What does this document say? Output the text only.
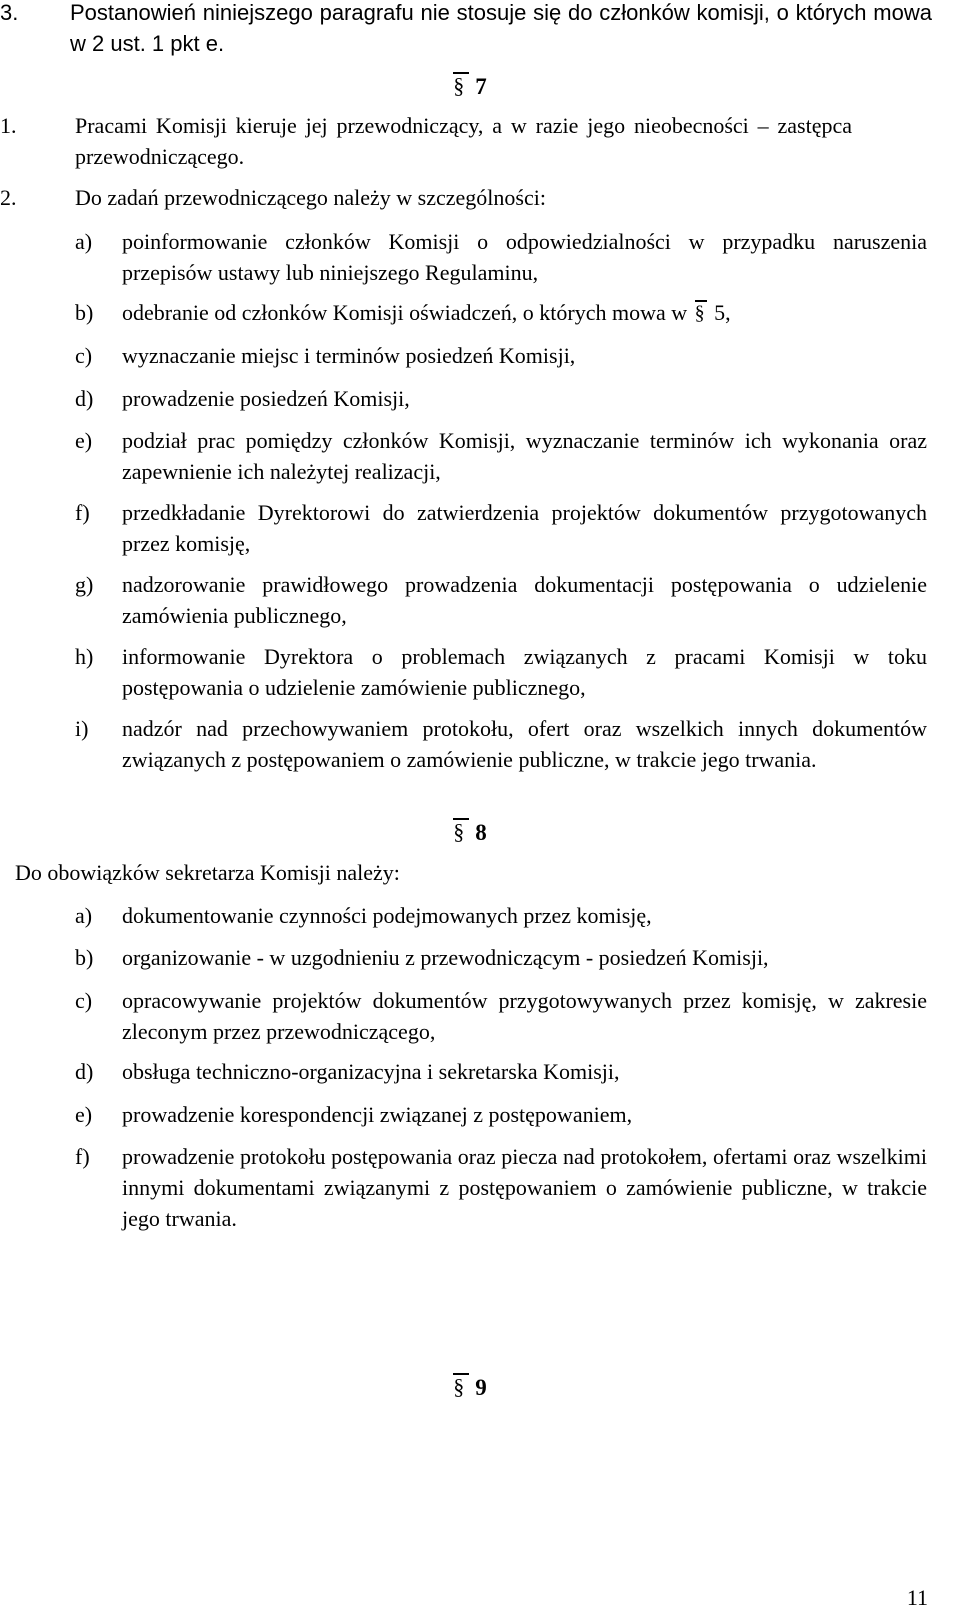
3. Postanowień niniejszego paragrafu nie stosuje się do członków komisji, o których mowa w 2 ust. 1 pkt e.
§7
1.	Pracami Komisji kieruje jej przewodniczący, a w razie jego nieobecności – zastępca przewodniczącego.
2.	Do zadań przewodniczącego należy w szczególności:
a) poinformowanie członków Komisji o odpowiedzialności w przypadku naruszenia przepisów ustawy lub niniejszego Regulaminu,
b) odebranie od członków Komisji oświadczeń, o których mowa w § 5,
c) wyznaczanie miejsc i terminów posiedzeń Komisji,
d) prowadzenie posiedzeń Komisji,
e) podział prac pomiędzy członków Komisji, wyznaczanie terminów ich wykonania oraz zapewnienie ich należytej realizacji,
f) przedkładanie Dyrektorowi do zatwierdzenia projektów dokumentów przygotowanych przez komisję,
g) nadzorowanie prawidłowego prowadzenia dokumentacji postępowania o udzielenie zamówienia publicznego,
h) informowanie Dyrektora o problemach związanych z pracami Komisji w toku postępowania o udzielenie zamówienie publicznego,
i) nadzór nad przechowywaniem protokołu, ofert oraz wszelkich innych dokumentów związanych z postępowaniem o zamówienie publiczne, w trakcie jego trwania.
§8
Do obowiązków sekretarza Komisji należy:
a) dokumentowanie czynności podejmowanych przez komisję,
b) organizowanie - w uzgodnieniu z przewodniczącym - posiedzeń Komisji,
c) opracowywanie projektów dokumentów przygotowywanych przez komisję, w zakresie zleconym przez przewodniczącego,
d) obsługa techniczno-organizacyjna i sekretarska Komisji,
e) prowadzenie korespondencji związanej z postępowaniem,
f) prowadzenie protokołu postępowania oraz piecza nad protokołem, ofertami oraz wszelkimi innymi dokumentami związanymi z postępowaniem o zamówienie publiczne, w trakcie jego trwania.
§9
11
